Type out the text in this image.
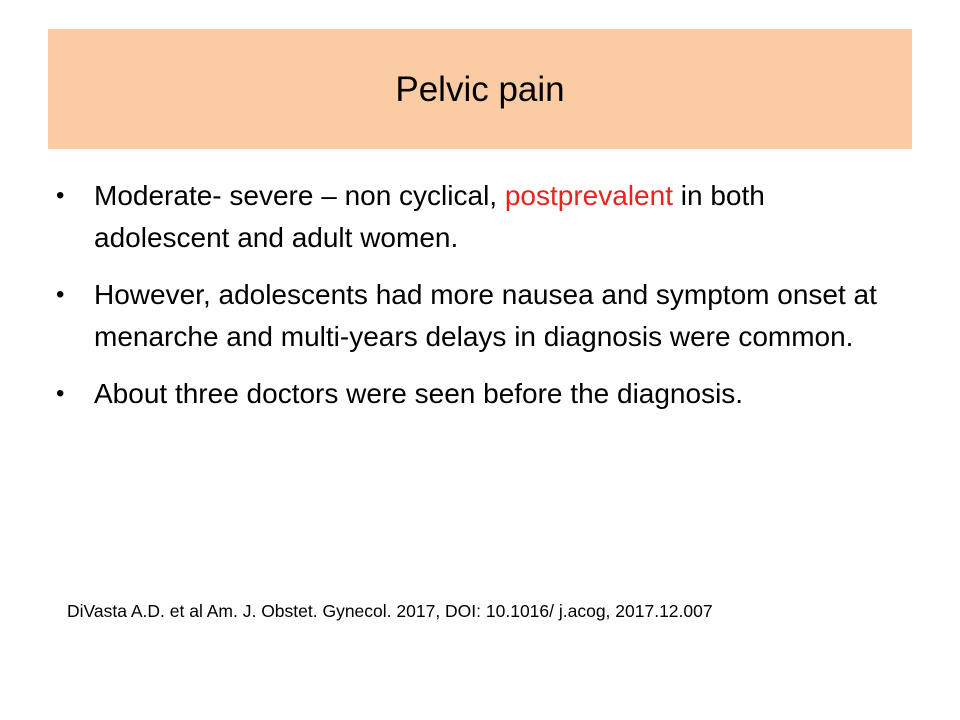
Pelvic pain
• Moderate- severe – non cyclical, postprevalent in both adolescent and adult women.
• However, adolescents had more nausea and symptom onset at menarche and multi-years delays in diagnosis were common.
• About three doctors were seen before the diagnosis.
DiVasta A.D. et al Am. J. Obstet. Gynecol. 2017, DOI: 10.1016/ j.acog, 2017.12.007
